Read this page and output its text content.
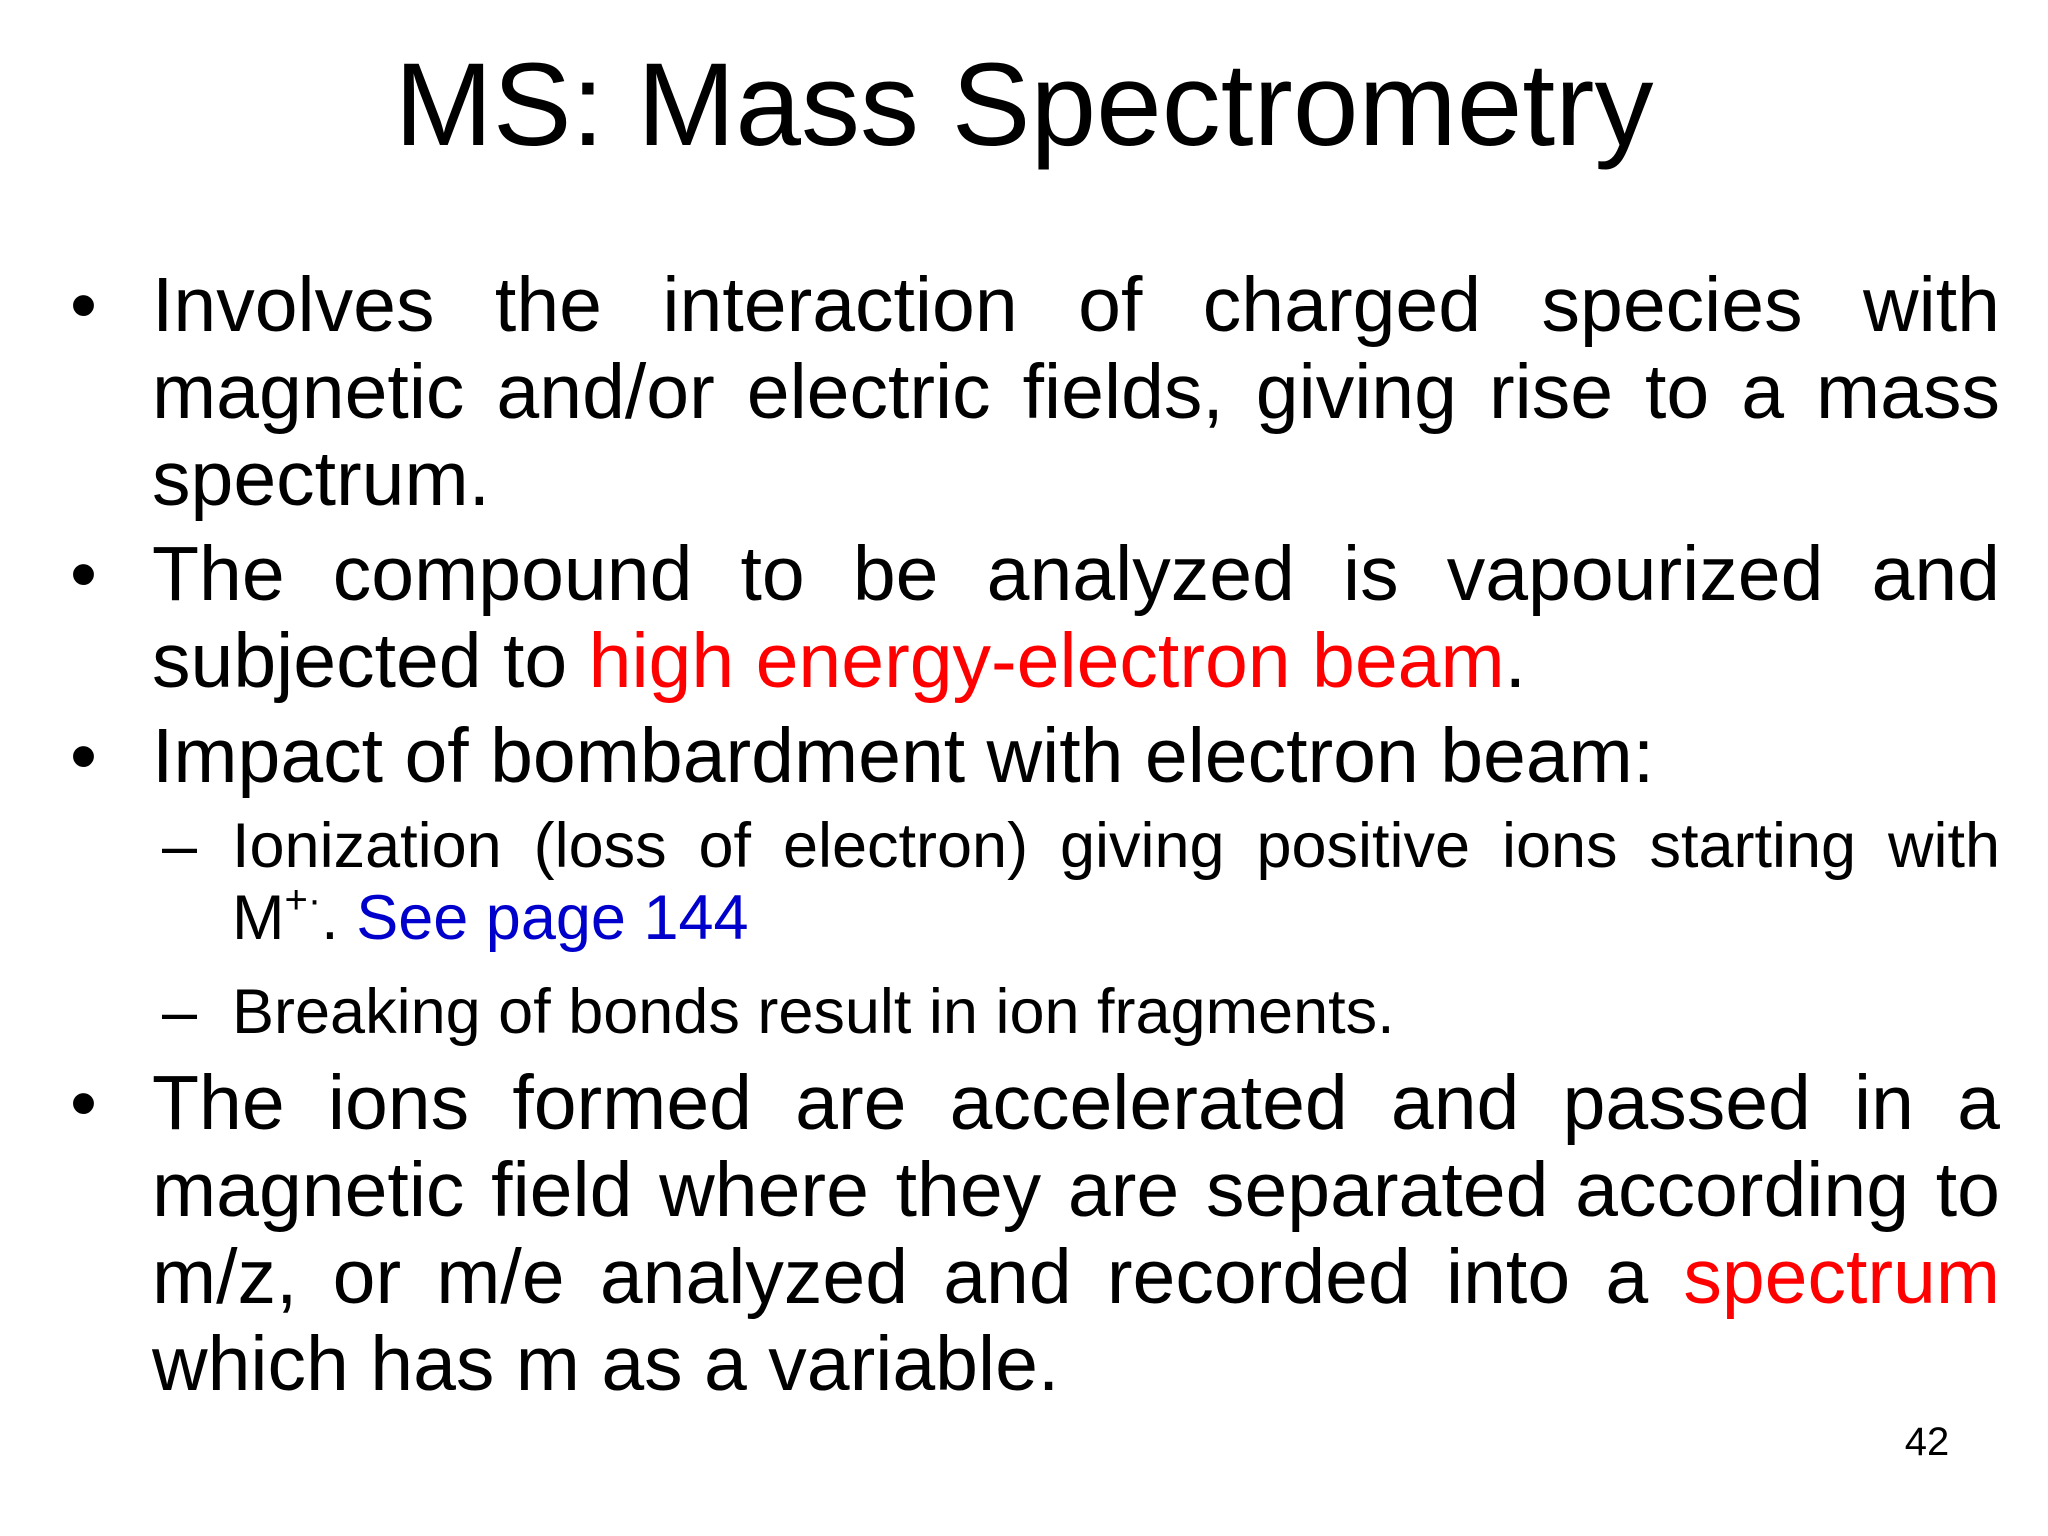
MS: Mass Spectrometry
• Involves the interaction of charged species with magnetic and/or electric fields, giving rise to a mass spectrum.
• The compound to be analyzed is vapourized and subjected to high energy-electron beam.
• Impact of bombardment with electron beam:
– Ionization (loss of electron) giving positive ions starting with M+·. See page 144
– Breaking of bonds result in ion fragments.
• The ions formed are accelerated and passed in a magnetic field where they are separated according to m/z, or m/e analyzed and recorded into a spectrum which has m as a variable.
42
